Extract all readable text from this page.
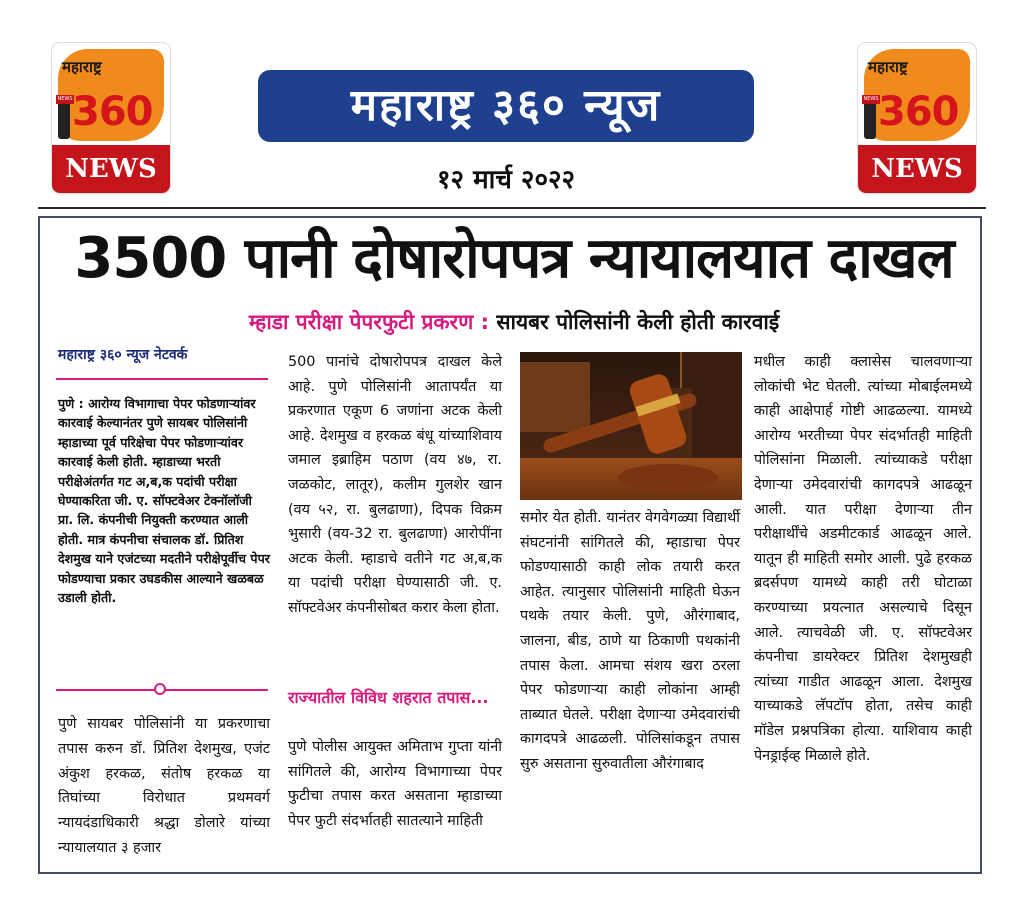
महाराष्ट्र
NEWS 360
NEWS
महाराष्ट्र
NEWS 360
NEWS
महाराष्ट्र ३६० न्यूज
१२ मार्च २०२२
3500 पानी दोषारोपपत्र न्यायालयात दाखल
म्हाडा परीक्षा पेपरफुटी प्रकरण : सायबर पोलिसांनी केली होती कारवाई
महाराष्ट्र ३६० न्यूज नेटवर्क
पुणे : आरोग्य विभागाचा पेपर फोडणाऱ्यांवर कारवाई केल्यानंतर पुणे सायबर पोलिसांनी म्हाडाच्या पूर्व परिक्षेचा पेपर फोडणाऱ्यांवर कारवाई केली होती. म्हाडाच्या भरती परीक्षेअंतर्गत गट अ,ब,क पदांची परीक्षा घेण्याकरिता जी. ए. सॉफ्टवेअर टेक्नॉलॉजी प्रा. लि. कंपनीची नियुक्ती करण्यात आली होती. मात्र कंपनीचा संचालक डॉ. प्रितिश देशमुख याने एजंटच्या मदतीने परीक्षेपूर्वीच पेपर फोडण्याचा प्रकार उघडकीस आल्याने खळबळ उडाली होती.
पुणे सायबर पोलिसांनी या प्रकरणाचा तपास करुन डॉ. प्रितिश देशमुख, एजंट अंकुश हरकळ, संतोष हरकळ या तिघांच्या विरोधात प्रथमवर्ग न्यायदंडाधिकारी श्रद्धा डोलारे यांच्या न्यायालयात ३ हजार
500 पानांचे दोषारोपपत्र दाखल केले आहे. पुणे पोलिसांनी आतापर्यंत या प्रकरणात एकूण 6 जणांना अटक केली आहे. देशमुख व हरकळ बंधू यांच्याशिवाय जमाल इब्राहिम पठाण (वय ४७, रा. जळकोट, लातूर), कलीम गुलशेर खान (वय ५२, रा. बुलढाणा), दिपक विक्रम भुसारी (वय-32 रा. बुलढाणा) आरोपींना अटक केली. म्हाडाचे वतीने गट अ,ब,क या पदांची परीक्षा घेण्यासाठी जी. ए. सॉफ्टवेअर कंपनीसोबत करार केला होता.
राज्यातील विविध शहरात तपास...
पुणे पोलीस आयुक्त अमिताभ गुप्ता यांनी सांगितले की, आरोग्य विभागाच्या पेपर फुटीचा तपास करत असताना म्हाडाच्या पेपर फुटी संदर्भातही सातत्याने माहिती
समोर येत होती. यानंतर वेगवेगळ्या विद्यार्थी संघटनांनी सांगितले की, म्हाडाचा पेपर फोडण्यासाठी काही लोक तयारी करत आहेत. त्यानुसार पोलिसांनी माहिती घेऊन पथके तयार केली. पुणे, औरंगाबाद, जालना, बीड, ठाणे या ठिकाणी पथकांनी तपास केला. आमचा संशय खरा ठरला पेपर फोडणाऱ्या काही लोकांना आम्ही ताब्यात घेतले. परीक्षा देणाऱ्या उमेदवारांची कागदपत्रे आढळली. पोलिसांकडून तपास सुरु असताना सुरुवातीला औरंगाबाद
मधील काही क्लासेस चालवणाऱ्या लोकांची भेट घेतली. त्यांच्या मोबाईलमध्ये काही आक्षेपार्ह गोष्टी आढळल्या. यामध्ये आरोग्य भरतीच्या पेपर संदर्भातही माहिती पोलिसांना मिळाली. त्यांच्याकडे परीक्षा देणाऱ्या उमेदवारांची कागदपत्रे आढळून आली. यात परीक्षा देणाऱ्या तीन परीक्षार्थींचे अडमीटकार्ड आढळून आले. यातून ही माहिती समोर आली. पुढे हरकळ ब्रदर्सपण यामध्ये काही तरी घोटाळा करण्याच्या प्रयत्नात असल्याचे दिसून आले. त्याचवेळी जी. ए. सॉफ्टवेअर कंपनीचा डायरेक्टर प्रितिश देशमुखही त्यांच्या गाडीत आढळून आला. देशमुख याच्याकडे लॅपटॉप होता, तसेच काही मॉडेल प्रश्नपत्रिका होत्या. याशिवाय काही पेनड्राईव्ह मिळाले होते.
